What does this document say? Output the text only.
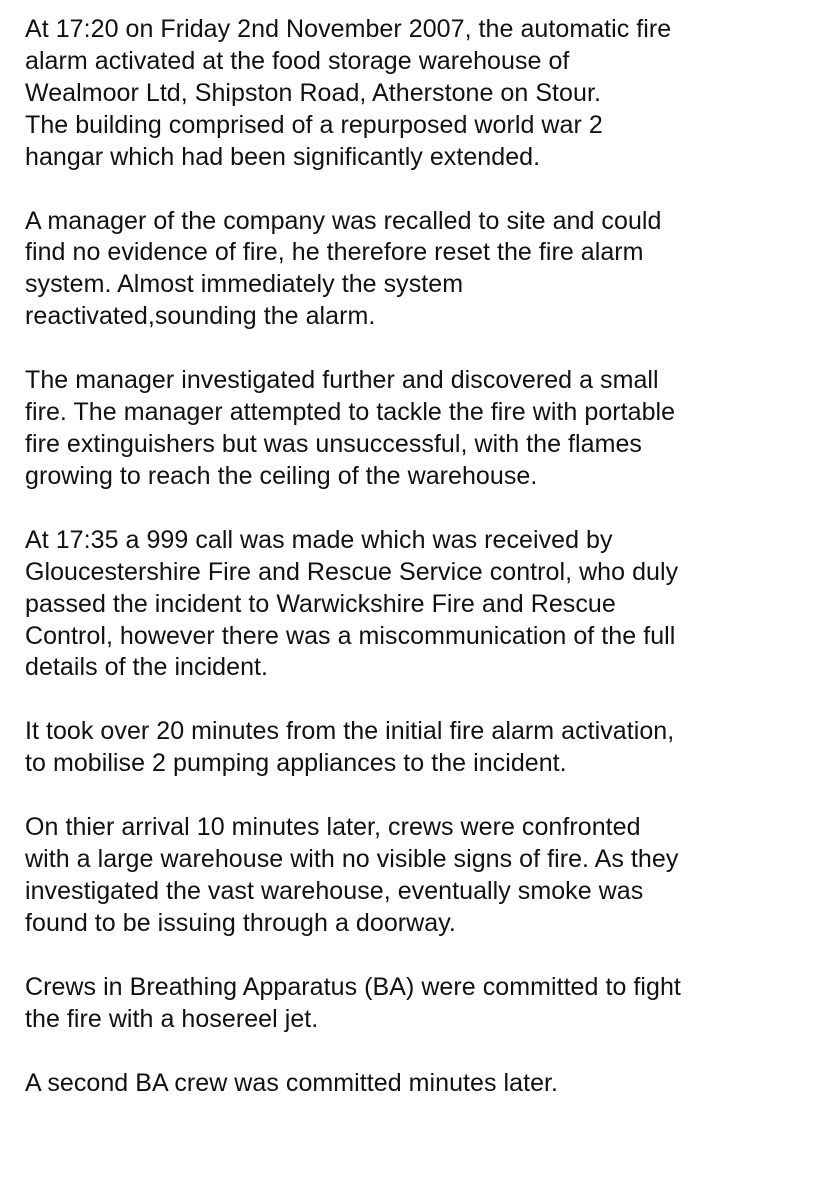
At 17:20 on Friday 2nd November 2007, the automatic fire
alarm activated at the food storage warehouse of
Wealmoor Ltd, Shipston Road, Atherstone on Stour.
The building comprised of a repurposed world war 2
hangar which had been significantly extended.

A manager of the company was recalled to site and could
find no evidence of fire, he therefore reset the fire alarm
system. Almost immediately the system
reactivated,sounding the alarm.

The manager investigated further and discovered a small
fire. The manager attempted to tackle the fire with portable
fire extinguishers but was unsuccessful, with the flames
growing to reach the ceiling of the warehouse.

At 17:35 a 999 call was made which was received by
Gloucestershire Fire and Rescue Service control, who duly
passed the incident to Warwickshire Fire and Rescue
Control, however there was a miscommunication of the full
details of the incident.

It took over 20 minutes from the initial fire alarm activation,
to mobilise 2 pumping appliances to the incident.

On thier arrival 10 minutes later, crews were confronted
with a large warehouse with no visible signs of fire. As they
investigated the vast warehouse, eventually smoke was
found to be issuing through a doorway.

Crews in Breathing Apparatus (BA) were committed to fight
the fire with a hosereel jet.

A second BA crew was committed minutes later.
